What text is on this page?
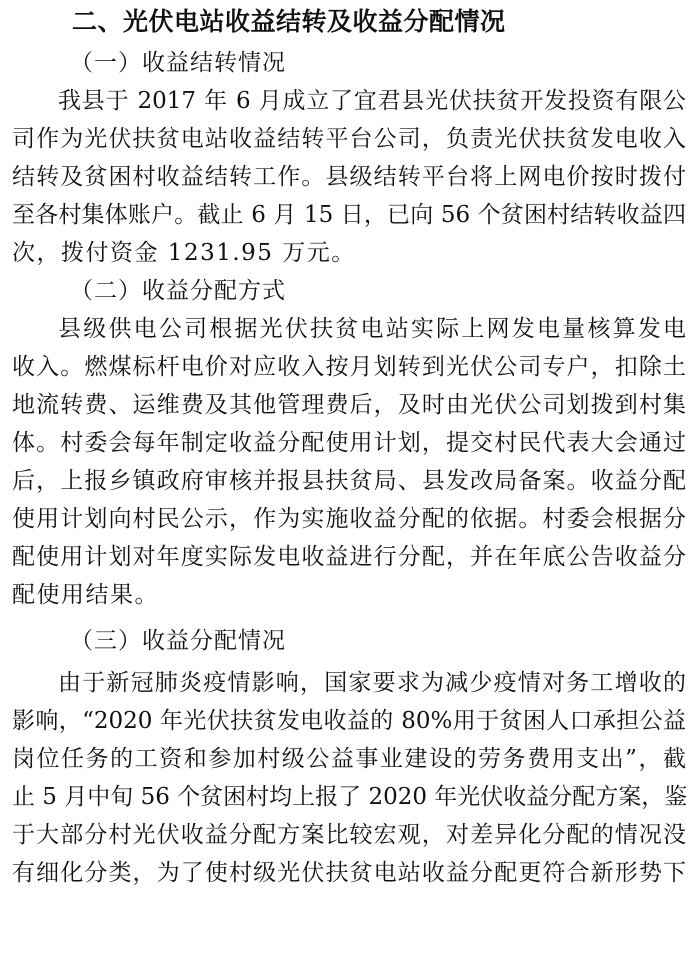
二、光伏电站收益结转及收益分配情况
（一）收益结转情况
我县于 2017 年 6 月成立了宜君县光伏扶贫开发投资有限公
司作为光伏扶贫电站收益结转平台公司，负责光伏扶贫发电收入
结转及贫困村收益结转工作。县级结转平台将上网电价按时拨付
至各村集体账户。截止 6 月 15 日，已向 56 个贫困村结转收益四
次，拨付资金 1231.95 万元。
（二）收益分配方式
县级供电公司根据光伏扶贫电站实际上网发电量核算发电
收入。燃煤标杆电价对应收入按月划转到光伏公司专户，扣除土
地流转费、运维费及其他管理费后，及时由光伏公司划拨到村集
体。村委会每年制定收益分配使用计划，提交村民代表大会通过
后，上报乡镇政府审核并报县扶贫局、县发改局备案。收益分配
使用计划向村民公示，作为实施收益分配的依据。村委会根据分
配使用计划对年度实际发电收益进行分配，并在年底公告收益分
配使用结果。
（三）收益分配情况
由于新冠肺炎疫情影响，国家要求为减少疫情对务工增收的
影响，“2020 年光伏扶贫发电收益的 80%用于贫困人口承担公益
岗位任务的工资和参加村级公益事业建设的劳务费用支出”，截
止 5 月中旬 56 个贫困村均上报了 2020 年光伏收益分配方案，鉴
于大部分村光伏收益分配方案比较宏观，对差异化分配的情况没
有细化分类，为了使村级光伏扶贫电站收益分配更符合新形势下
